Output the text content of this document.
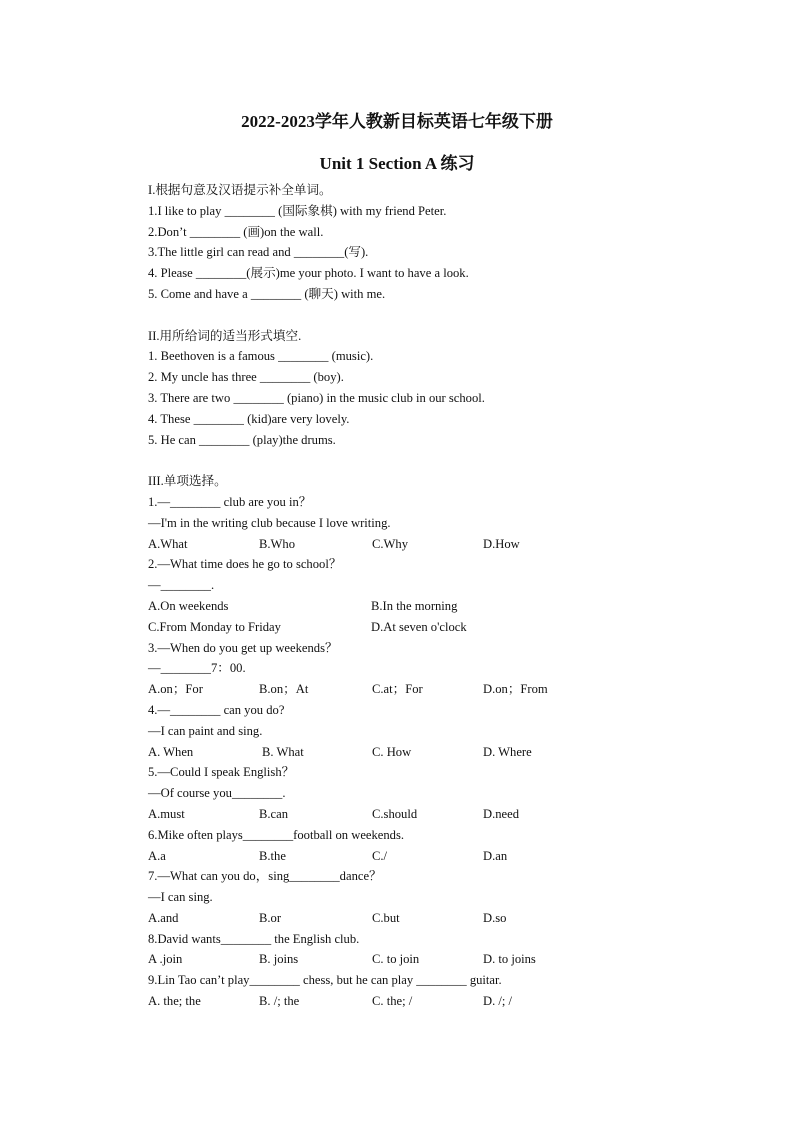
2022-2023学年人教新目标英语七年级下册
Unit 1 Section A 练习
I.根据句意及汉语提示补全单词。
1.I like to play ________ (国际象棋) with my friend Peter.
2.Don’t ________ (画)on the wall.
3.The little girl can read and ________(写).
4. Please ________(展示)me your photo. I want to have a look.
5. Come and have a ________ (聊天) with me.
II.用所给词的适当形式填空.
1. Beethoven is a famous ________ (music).
2. My uncle has three ________ (boy).
3. There are two ________ (piano) in the music club in our school.
4. These ________ (kid)are very lovely.
5. He can ________ (play)the drums.
III.单项选择。
1.—________ club are you in？
—I'm in the writing club because I love writing.
A.What	B.Who	C.Why	D.How
2.—What time does he go to school？
—________.
A.On weekends	B.In the morning
C.From Monday to Friday	D.At seven o'clock
3.—When do you get up weekends？
—________7：00.
A.on；For	B.on；At	C.at；For	D.on；From
4.—________ can you do?
—I can paint and sing.
A. When	B. What	C. How	D. Where
5.—Could I speak English？
—Of course you________.
A.must	B.can	C.should	D.need
6.Mike often plays________football on weekends.
A.a	B.the	C./	D.an
7.—What can you do，sing________dance？
—I can sing.
A.and	B.or	C.but	D.so
8.David wants________ the English club.
A .join	B. joins	C. to join	D. to joins
9.Lin Tao can’t play________ chess, but he can play ________ guitar.
A. the; the	B. /; the	C. the; /	D. /; /
